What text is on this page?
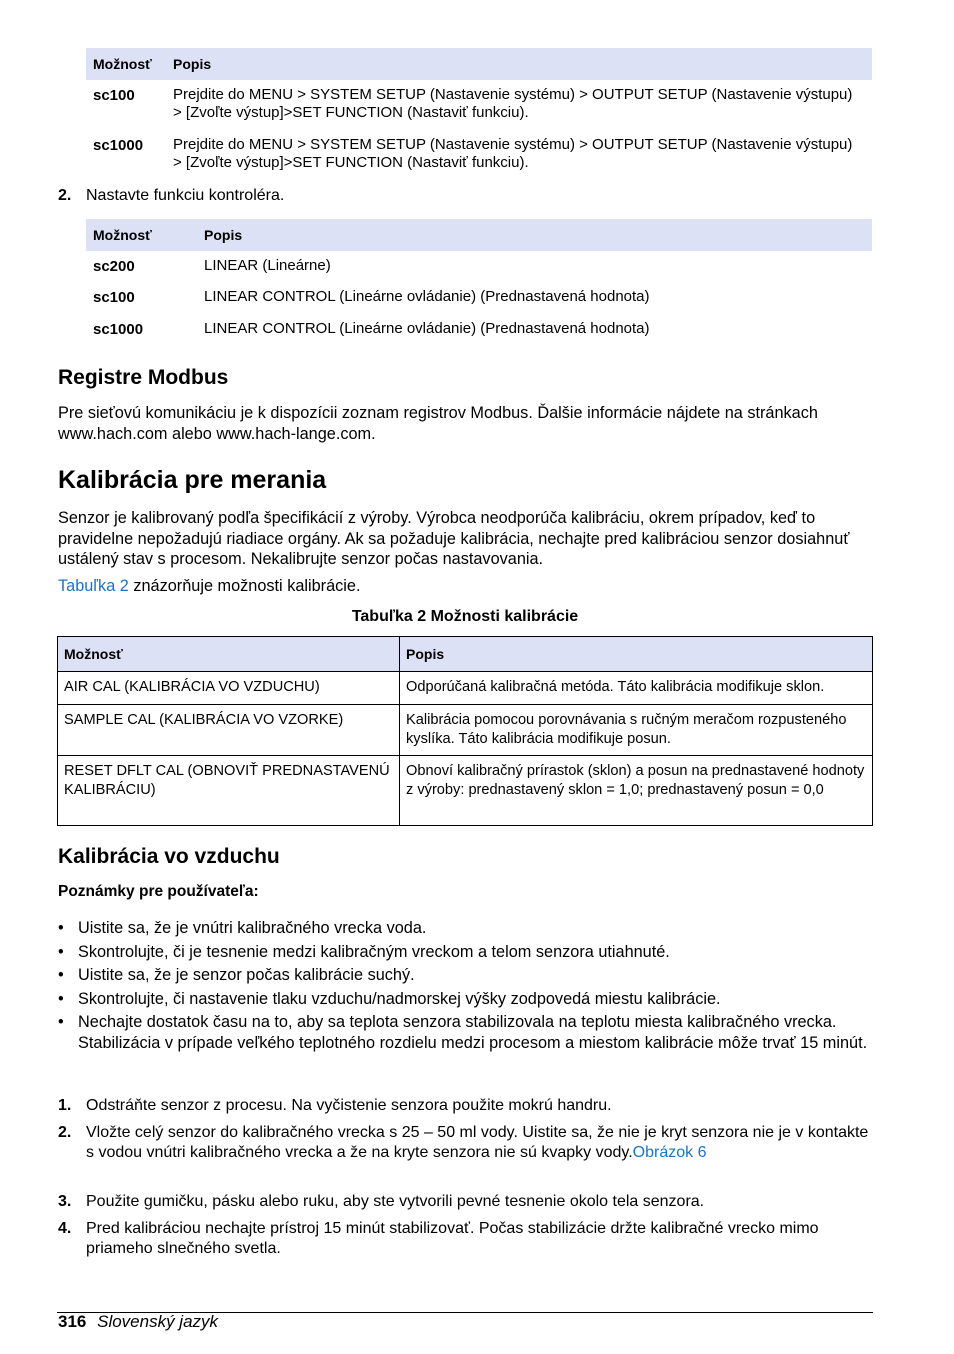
Možnosť Popis
sc100	Prejdite do MENU > SYSTEM SETUP (Nastavenie systému) > OUTPUT SETUP (Nastavenie výstupu) > [Zvoľte výstup]>SET FUNCTION (Nastaviť funkciu).
sc1000 Prejdite do MENU > SYSTEM SETUP (Nastavenie systému) > OUTPUT SETUP (Nastavenie výstupu) > [Zvoľte výstup]>SET FUNCTION (Nastaviť funkciu).
2. Nastavte funkciu kontroléra.
Možnosť	Popis
sc200	LINEAR (Lineárne)
sc100	LINEAR CONTROL (Lineárne ovládanie) (Prednastavená hodnota)
sc1000	LINEAR CONTROL (Lineárne ovládanie) (Prednastavená hodnota)
Registre Modbus
Pre sieťovú komunikáciu je k dispozícii zoznam registrov Modbus. Ďalšie informácie nájdete na stránkach www.hach.com alebo www.hach-lange.com.
Kalibrácia pre merania
Senzor je kalibrovaný podľa špecifikácií z výroby. Výrobca neodporúča kalibráciu, okrem prípadov, keď to pravidelne nepožadujú riadiace orgány. Ak sa požaduje kalibrácia, nechajte pred kalibráciou senzor dosiahnuť ustálený stav s procesom. Nekalibrujte senzor počas nastavovania.
Tabuľka 2 znázorňuje možnosti kalibrácie.
Tabuľka 2 Možnosti kalibrácie
Možnosť	Popis
AIR CAL (KALIBRÁCIA VO VZDUCHU)	Odporúčaná kalibračná metóda. Táto kalibrácia modifikuje sklon.
SAMPLE CAL (KALIBRÁCIA VO VZORKE)	Kalibrácia pomocou porovnávania s ručným meračom rozpusteného kyslíka. Táto kalibrácia modifikuje posun.
RESET DFLT CAL (OBNOVIŤ PREDNASTAVENÚ KALIBRÁCIU)	Obnoví kalibračný prírastok (sklon) a posun na prednastavené hodnoty z výroby: prednastavený sklon = 1,0; prednastavený posun = 0,0
Kalibrácia vo vzduchu
Poznámky pre používateľa:
• Uistite sa, že je vnútri kalibračného vrecka voda.
• Skontrolujte, či je tesnenie medzi kalibračným vreckom a telom senzora utiahnuté.
• Uistite sa, že je senzor počas kalibrácie suchý.
• Skontrolujte, či nastavenie tlaku vzduchu/nadmorskej výšky zodpovedá miestu kalibrácie.
• Nechajte dostatok času na to, aby sa teplota senzora stabilizovala na teplotu miesta kalibračného vrecka. Stabilizácia v prípade veľkého teplotného rozdielu medzi procesom a miestom kalibrácie môže trvať 15 minút.
1. Odstráňte senzor z procesu. Na vyčistenie senzora použite mokrú handru.
2. Vložte celý senzor do kalibračného vrecka s 25 – 50 ml vody. Uistite sa, že nie je kryt senzora nie je v kontakte s vodou vnútri kalibračného vrecka a že na kryte senzora nie sú kvapky vody.Obrázok 6
3. Použite gumičku, pásku alebo ruku, aby ste vytvorili pevné tesnenie okolo tela senzora.
4. Pred kalibráciou nechajte prístroj 15 minút stabilizovať. Počas stabilizácie držte kalibračné vrecko mimo priameho slnečného svetla.
316 Slovenský jazyk
